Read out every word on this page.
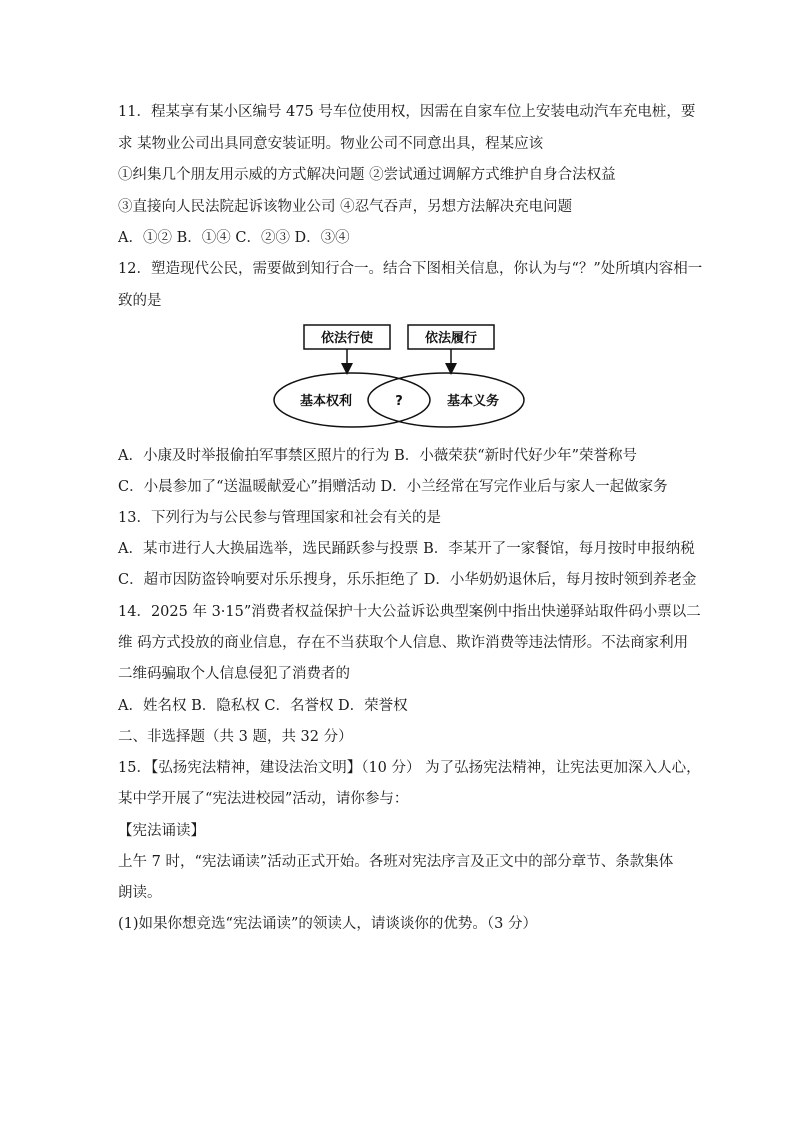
11．程某享有某小区编号 475 号车位使用权，因需在自家车位上安装电动汽车充电桩，要
求 某物业公司出具同意安装证明。物业公司不同意出具，程某应该
①纠集几个朋友用示威的方式解决问题 ②尝试通过调解方式维护自身合法权益
③直接向人民法院起诉该物业公司 ④忍气吞声，另想方法解决充电问题
A．①② B．①④ C．②③ D．③④
12．塑造现代公民，需要做到知行合一。结合下图相关信息，你认为与“？”处所填内容相一
致的是
依法行使	依法履行
基本权利	?	基本义务
A．小康及时举报偷拍军事禁区照片的行为 B．小薇荣获“新时代好少年”荣誉称号
C．小晨参加了“送温暖献爱心”捐赠活动 D．小兰经常在写完作业后与家人一起做家务
13．下列行为与公民参与管理国家和社会有关的是
A．某市进行人大换届选举，选民踊跃参与投票 B．李某开了一家餐馆，每月按时申报纳税
C．超市因防盗铃响要对乐乐搜身，乐乐拒绝了 D．小华奶奶退休后，每月按时领到养老金
14．2025 年 3·15”消费者权益保护十大公益诉讼典型案例中指出快递驿站取件码小票以二
维 码方式投放的商业信息，存在不当获取个人信息、欺诈消费等违法情形。不法商家利用
二维码骗取个人信息侵犯了消费者的
A．姓名权 B．隐私权 C．名誉权 D．荣誉权
二、非选择题（共 3 题，共 32 分）
15．【弘扬宪法精神，建设法治文明】（10 分） 为了弘扬宪法精神，让宪法更加深入人心，
某中学开展了“宪法进校园”活动，请你参与：
【宪法诵读】
上午 7 时，“宪法诵读”活动正式开始。各班对宪法序言及正文中的部分章节、条款集体
朗读。
(1)如果你想竞选“宪法诵读”的领读人，请谈谈你的优势。（3 分）
